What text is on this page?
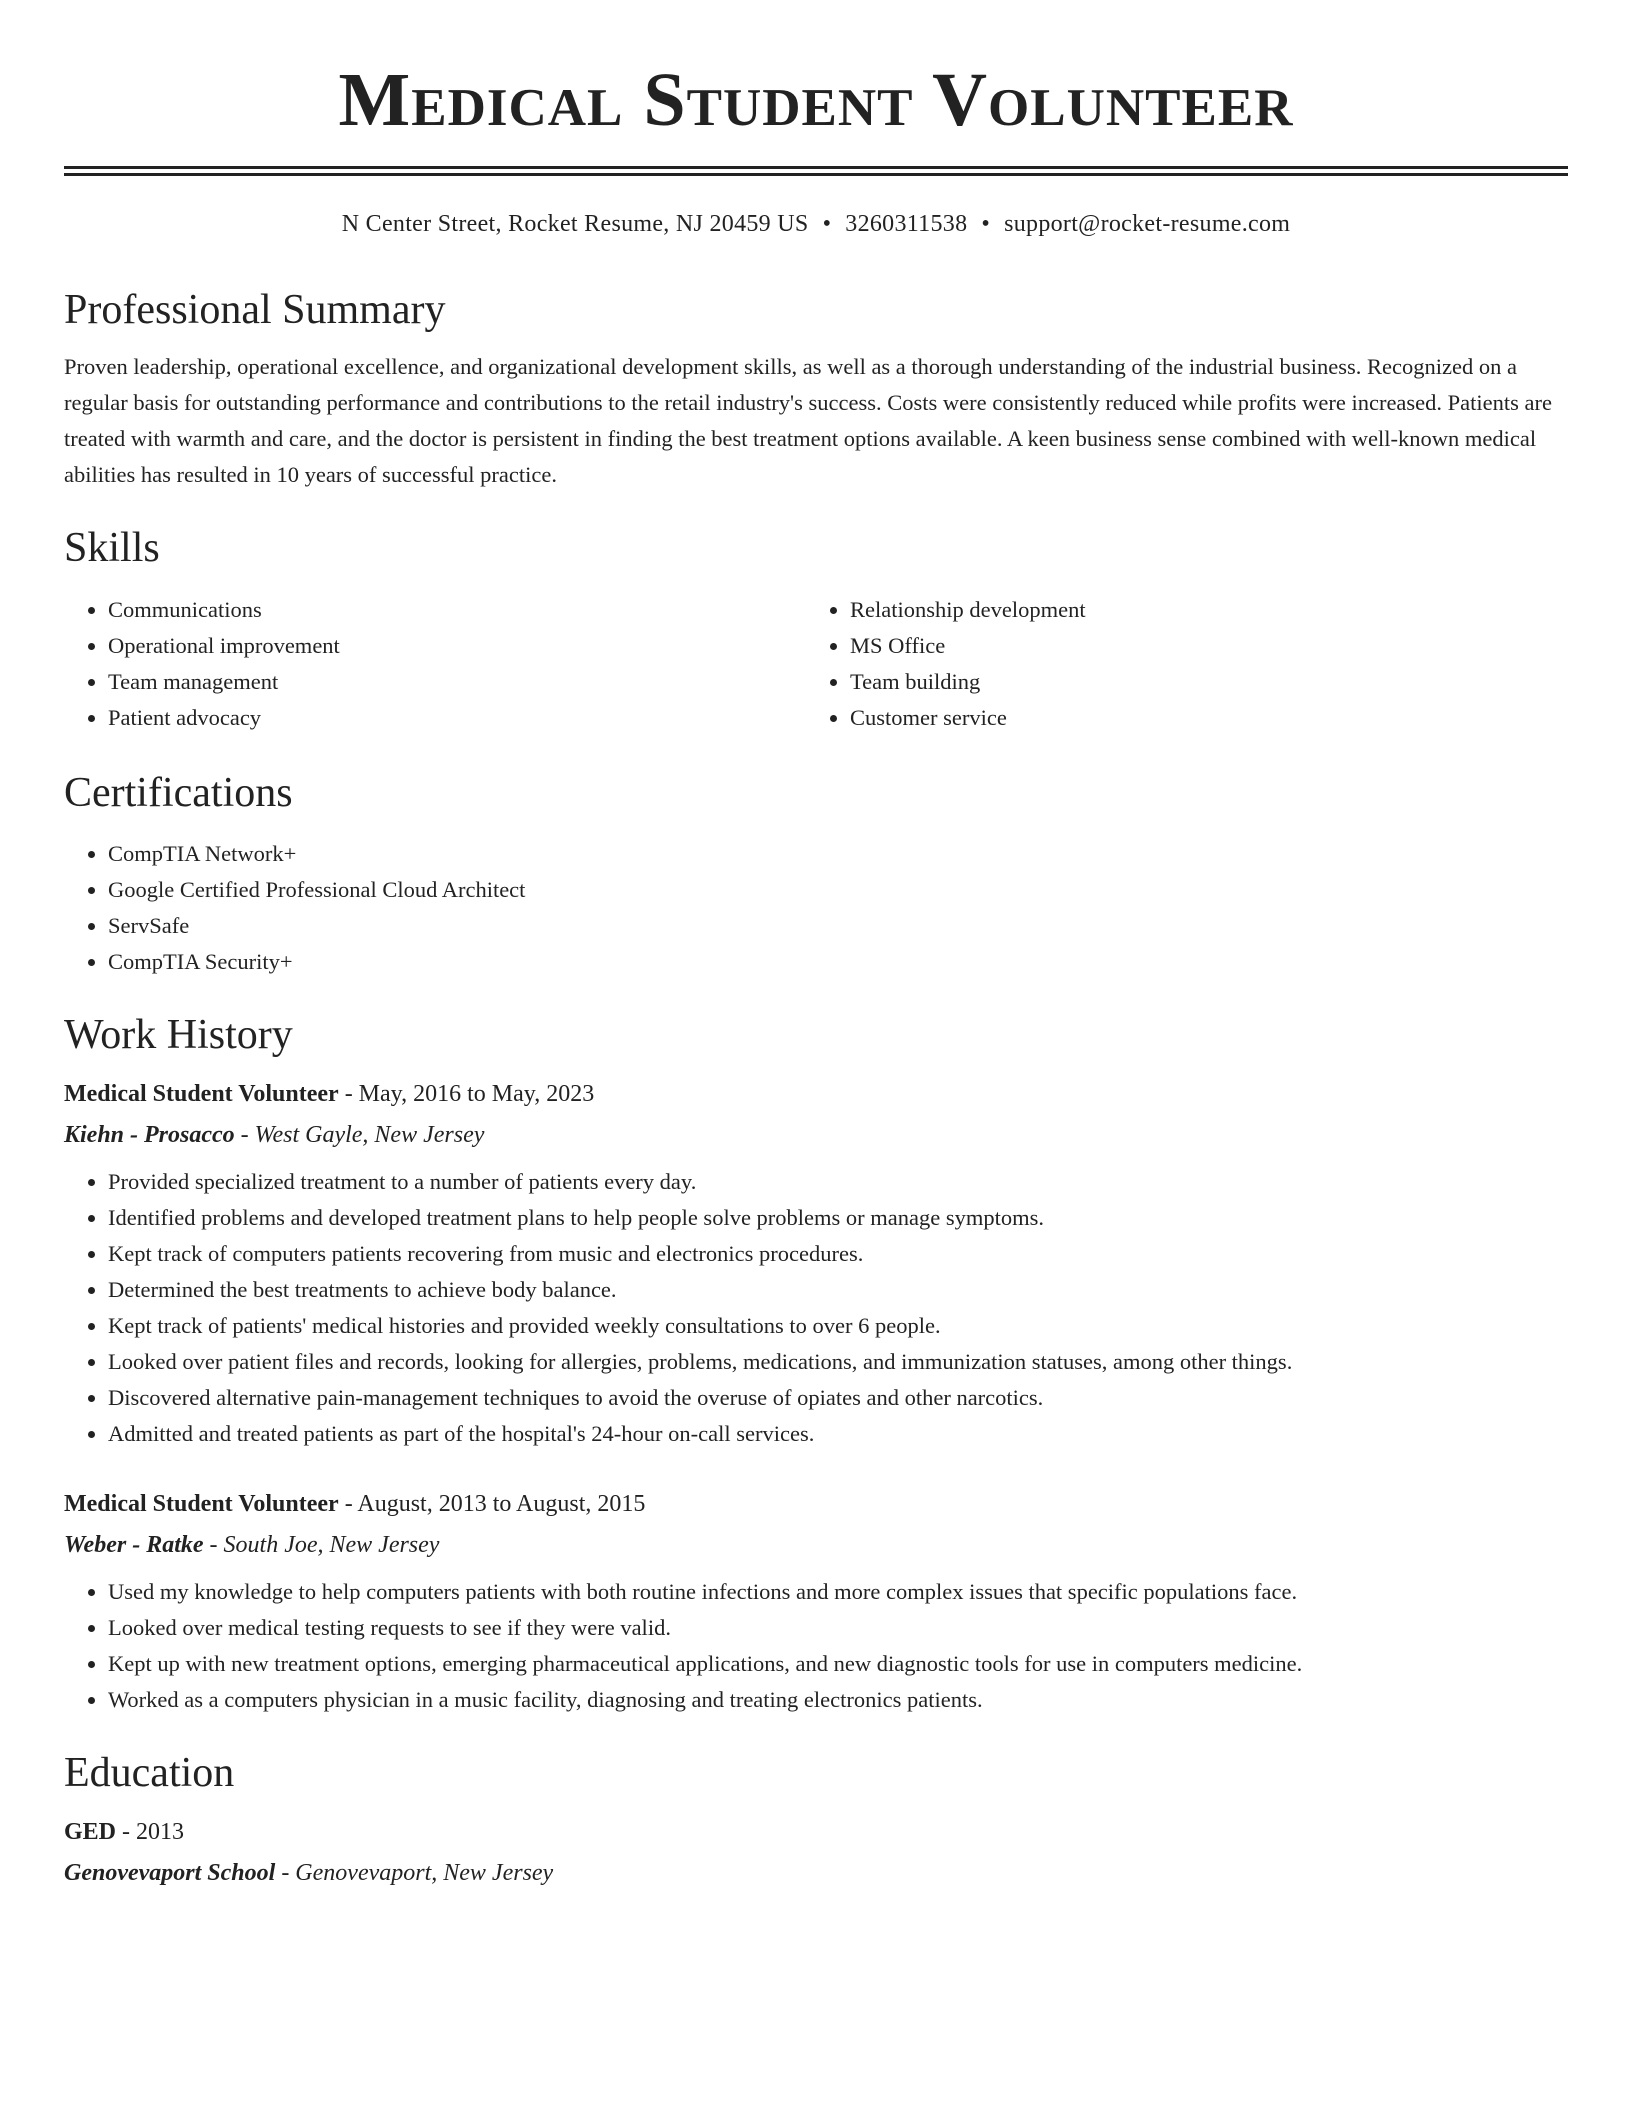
Medical Student Volunteer
N Center Street, Rocket Resume, NJ 20459 US • 3260311538 • support@rocket-resume.com
Professional Summary
Proven leadership, operational excellence, and organizational development skills, as well as a thorough understanding of the industrial business. Recognized on a regular basis for outstanding performance and contributions to the retail industry's success. Costs were consistently reduced while profits were increased. Patients are treated with warmth and care, and the doctor is persistent in finding the best treatment options available. A keen business sense combined with well-known medical abilities has resulted in 10 years of successful practice.
Skills
• Communications
• Operational improvement
• Team management
• Patient advocacy
• Relationship development
• MS Office
• Team building
• Customer service
Certifications
• CompTIA Network+
• Google Certified Professional Cloud Architect
• ServSafe
• CompTIA Security+
Work History
Medical Student Volunteer - May, 2016 to May, 2023
Kiehn - Prosacco - West Gayle, New Jersey
• Provided specialized treatment to a number of patients every day.
• Identified problems and developed treatment plans to help people solve problems or manage symptoms.
• Kept track of computers patients recovering from music and electronics procedures.
• Determined the best treatments to achieve body balance.
• Kept track of patients' medical histories and provided weekly consultations to over 6 people.
• Looked over patient files and records, looking for allergies, problems, medications, and immunization statuses, among other things.
• Discovered alternative pain-management techniques to avoid the overuse of opiates and other narcotics.
• Admitted and treated patients as part of the hospital's 24-hour on-call services.
Medical Student Volunteer - August, 2013 to August, 2015
Weber - Ratke - South Joe, New Jersey
• Used my knowledge to help computers patients with both routine infections and more complex issues that specific populations face.
• Looked over medical testing requests to see if they were valid.
• Kept up with new treatment options, emerging pharmaceutical applications, and new diagnostic tools for use in computers medicine.
• Worked as a computers physician in a music facility, diagnosing and treating electronics patients.
Education
GED - 2013
Genovevaport School - Genovevaport, New Jersey
